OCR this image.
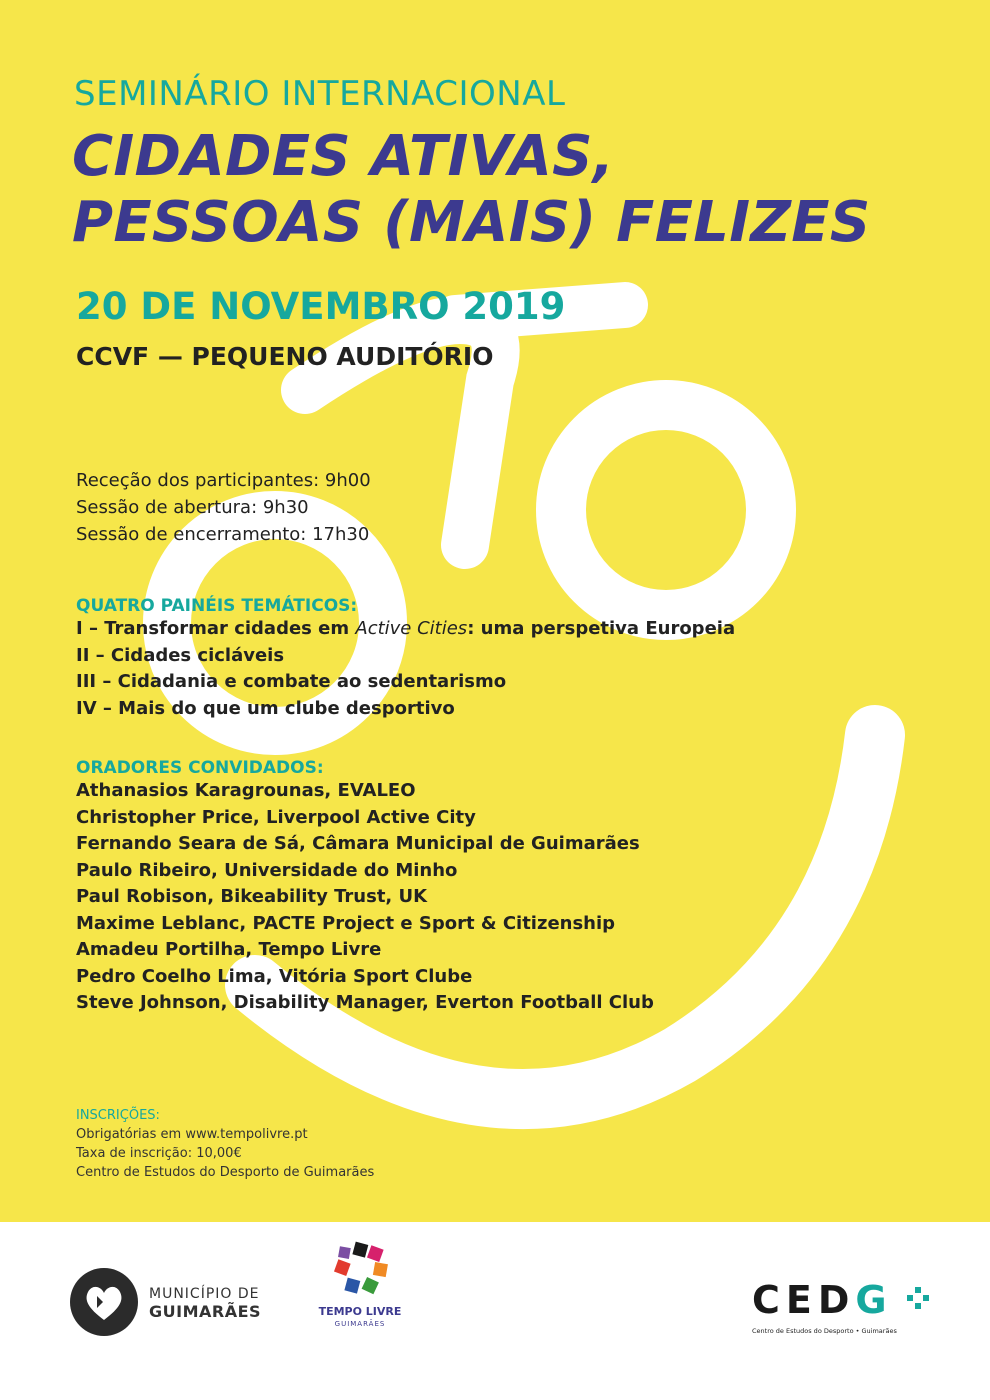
SEMINÁRIO INTERNACIONAL
CIDADES ATIVAS,
PESSOAS (MAIS) FELIZES
20 DE NOVEMBRO 2019
CCVF — PEQUENO AUDITÓRIO
Receção dos participantes: 9h00
Sessão de abertura: 9h30
Sessão de encerramento: 17h30
QUATRO PAINÉIS TEMÁTICOS:
I – Transformar cidades em Active Cities: uma perspetiva Europeia
II – Cidades cicláveis
III – Cidadania e combate ao sedentarismo
IV – Mais do que um clube desportivo
ORADORES CONVIDADOS:
Athanasios Karagrounas, EVALEO
Christopher Price, Liverpool Active City
Fernando Seara de Sá, Câmara Municipal de Guimarães
Paulo Ribeiro, Universidade do Minho
Paul Robison, Bikeability Trust, UK
Maxime Leblanc, PACTE Project e Sport & Citizenship
Amadeu Portilha, Tempo Livre
Pedro Coelho Lima, Vitória Sport Clube
Steve Johnson, Disability Manager, Everton Football Club
INSCRIÇÕES:
Obrigatórias em www.tempolivre.pt
Taxa de inscrição: 10,00€
Centro de Estudos do Desporto de Guimarães
MUNICÍPIO DE
GUIMARÃES	TEMPO LIVRE
GUIMARÃES
CEDG
Centro de Estudos do Desporto • Guimarães
